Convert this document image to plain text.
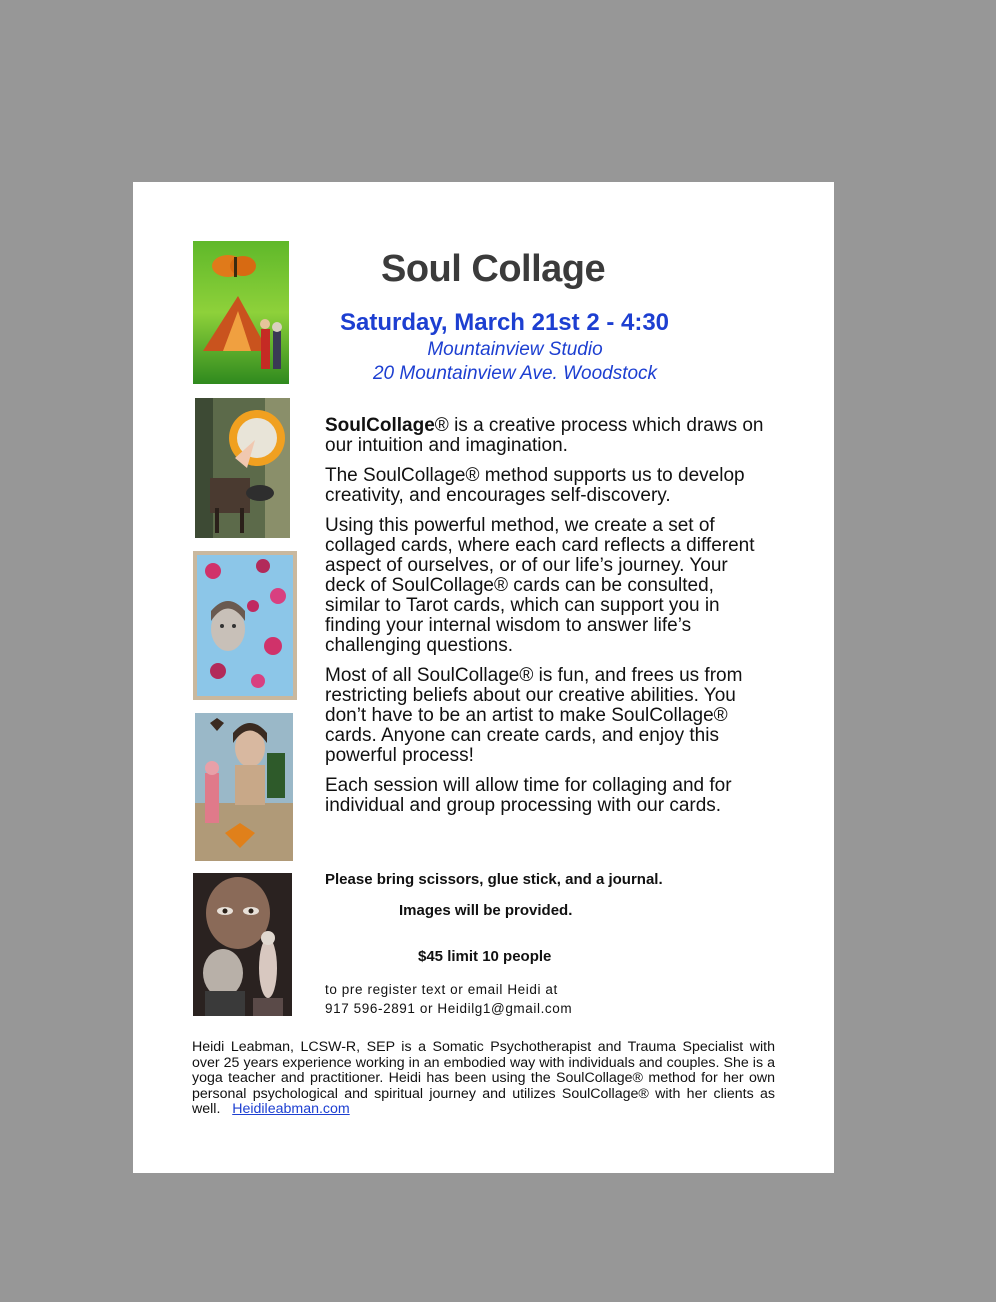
Soul Collage
Saturday, March 21st 2 - 4:30
Mountainview Studio
20 Mountainview Ave. Woodstock

SoulCollage® is a creative process which draws on our intuition and imagination.

The SoulCollage® method supports us to develop creativity, and encourages self-discovery.

Using this powerful method, we create a set of collaged cards, where each card reflects a different aspect of ourselves, or of our life’s journey. Your deck of SoulCollage® cards can be consulted, similar to Tarot cards, which can support you in finding your internal wisdom to answer life’s challenging questions.

Most of all SoulCollage® is fun, and frees us from restricting beliefs about our creative abilities. You don’t have to be an artist to make SoulCollage® cards. Anyone can create cards, and enjoy this powerful process!

Each session will allow time for collaging and for individual and group processing with our cards.

Please bring scissors, glue stick, and a journal.
Images will be provided.
$45 limit 10 people
to pre register text or email Heidi at
917 596-2891 or Heidilg1@gmail.com
Heidi Leabman, LCSW-R, SEP is a Somatic Psychotherapist and Trauma Specialist with over 25 years experience working in an embodied way with individuals and couples. She is a yoga teacher and practitioner. Heidi has been using the SoulCollage® method for her own personal psychological and spiritual journey and utilizes SoulCollage® with her clients as well. Heidileabman.com
